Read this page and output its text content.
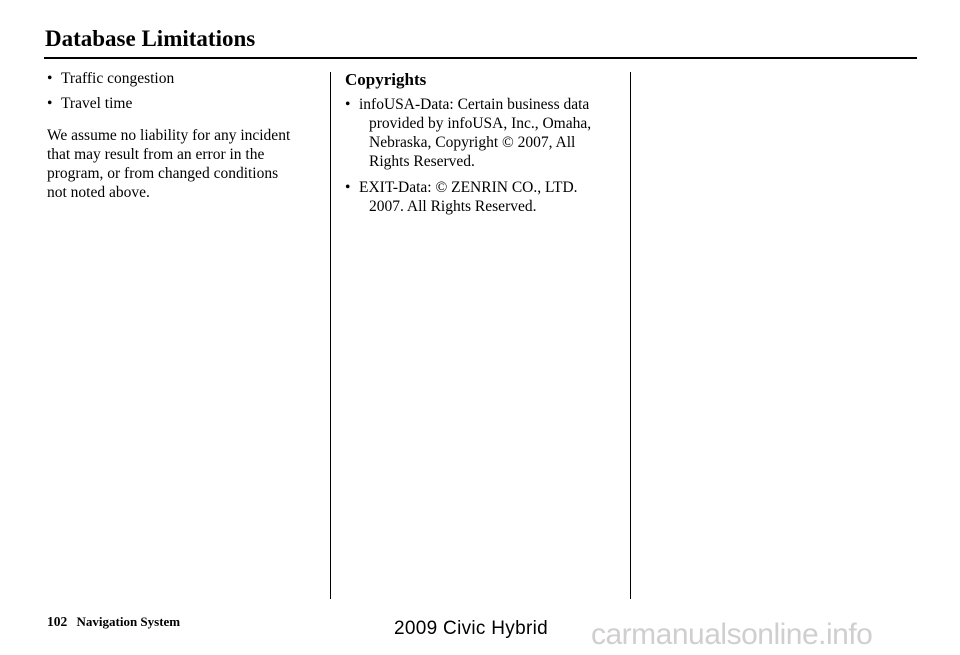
Database Limitations
• Traffic congestion
• Travel time

We assume no liability for any incident
that may result from an error in the
program, or from changed conditions
not noted above.

Copyrights
• infoUSA-Data: Certain business data
provided by infoUSA, Inc., Omaha,
Nebraska, Copyright © 2007, All
Rights Reserved.
• EXIT-Data: © ZENRIN CO., LTD.
2007. All Rights Reserved.
102 Navigation System	2009 Civic Hybrid carmanualsonline.info
